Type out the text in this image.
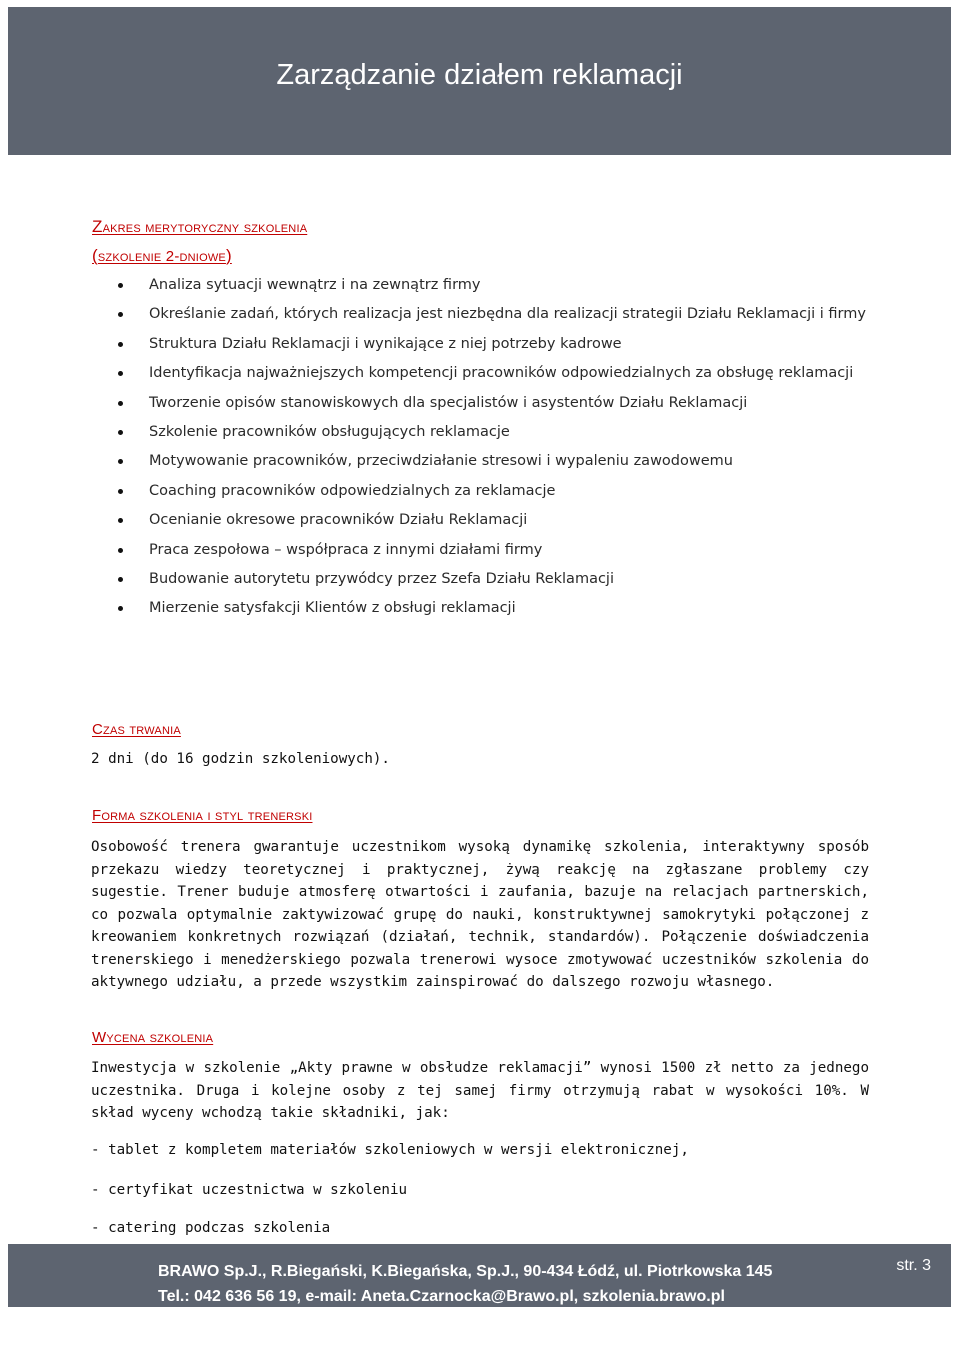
Zarządzanie działem reklamacji
Zakres merytoryczny szkolenia
(szkolenie 2-dniowe)
Analiza sytuacji wewnątrz i na zewnątrz firmy
Określanie zadań, których realizacja jest niezbędna dla realizacji strategii Działu Reklamacji i firmy
Struktura Działu Reklamacji i wynikające z niej potrzeby kadrowe
Identyfikacja najważniejszych kompetencji pracowników odpowiedzialnych za obsługę reklamacji
Tworzenie opisów stanowiskowych dla specjalistów i asystentów Działu Reklamacji
Szkolenie pracowników obsługujących reklamacje
Motywowanie pracowników, przeciwdziałanie stresowi i wypaleniu zawodowemu
Coaching pracowników odpowiedzialnych za reklamacje
Ocenianie okresowe pracowników Działu Reklamacji
Praca zespołowa – współpraca z innymi działami firmy
Budowanie autorytetu przywódcy przez Szefa Działu Reklamacji
Mierzenie satysfakcji Klientów z obsługi reklamacji
Czas trwania
2 dni (do 16 godzin szkoleniowych).
Forma szkolenia i styl trenerski
Osobowość trenera gwarantuje uczestnikom wysoką dynamikę szkolenia, interaktywny sposób przekazu wiedzy teoretycznej i praktycznej, żywą reakcję na zgłaszane problemy czy sugestie. Trener buduje atmosferę otwartości i zaufania, bazuje na relacjach partnerskich, co pozwala optymalnie zaktywizować grupę do nauki, konstruktywnej samokrytyki połączonej z kreowaniem konkretnych rozwiązań (działań, technik, standardów). Połączenie doświadczenia trenerskiego i menedżerskiego pozwala trenerowi wysoce zmotywować uczestników szkolenia do aktywnego udziału, a przede wszystkim zainspirować do dalszego rozwoju własnego.
Wycena szkolenia
Inwestycja w szkolenie „Akty prawne w obsłudze reklamacji” wynosi 1500 zł netto za jednego uczestnika. Druga i kolejne osoby z tej samej firmy otrzymują rabat w wysokości 10%. W skład wyceny wchodzą takie składniki, jak:
- tablet z kompletem materiałów szkoleniowych w wersji elektronicznej,
- certyfikat uczestnictwa w szkoleniu
- catering podczas szkolenia
BRAWO Sp.J., R.Biegański, K.Biegańska, Sp.J., 90-434 Łódź, ul. Piotrkowska 145
Tel.: 042 636 56 19, e-mail: Aneta.Czarnocka@Brawo.pl, szkolenia.brawo.pl
str. 3
